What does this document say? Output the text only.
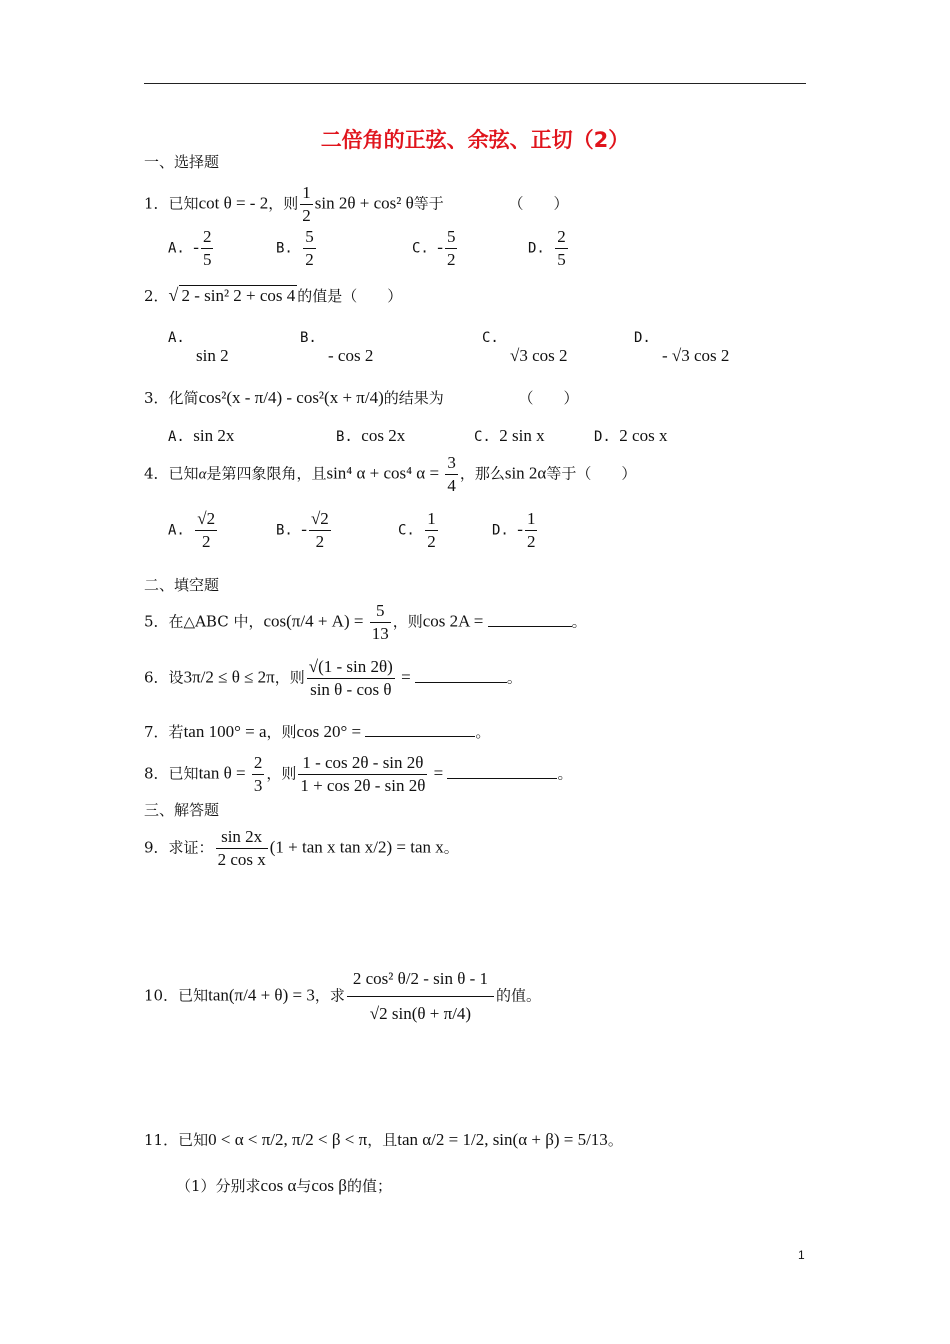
二倍角的正弦、余弦、正切（2）
一、选择题
1．已知cot θ = - 2，则 $\frac{1}{2}$ sin 2θ + cos² θ等于	（　　）
A. - $\frac{2}{5}$	B. $\frac{5}{2}$	C. - $\frac{5}{2}$	D. $\frac{2}{5}$
2．√ 2 - sin² 2 + cos 4 的值是（　　）
A.
sin 2
B.
- cos 2
C.
√3 cos 2
D.
- √3 cos 2
3．化简cos²(x - π/4) - cos²(x + π/4)的结果为	（　　）
A. sin 2x	B. cos 2x	C. 2 sin x	D. 2 cos x
4．已知α是第四象限角，且sin⁴ α + cos⁴ $\alpha = \frac{3}{4}$ ，那么sin 2α等于（　　）
A. $\frac{√2}{2}$	B. - $\frac{√2}{2}$	C. $\frac{1}{2}$	D. - $\frac{1}{2}$
二、填空题
5．在△ABC 中，$\cos(\pi/4 + A) = \frac{5}{13}$ ，则cos 2A =	。
6．设3π/2 ≤ θ ≤ 2π，则 $\frac{√(1 - \sin 2\theta)}{\text{sin θ - cos θ}}$ =	。
7．若tan 100° = a，则cos 20° =	。
8．已知$\tan \theta = \frac{2}{3}$ ，则 $\frac{1 - \cos 2\theta - \sin 2\theta}{1 + \cos 2\theta - \sin 2\theta}$ =	。
三、解答题
9．求证： $\frac{\sin 2x}{\text{2 cos x}} (1 + \tan x$ tan x/2) = tan x。
10．已知tan(π/4 + θ) = 3，求 $\frac{\text{2 cos² θ/2 - sin θ - 1}}{√2 \sin(\theta + \pi/4)}$ 的值。
11．已知0 < α < π/2, π/2 < β < π，且tan α/2 = 1/2, sin(α + β) = 5/13。
（1）分别求cos α与cos β的值；
1
